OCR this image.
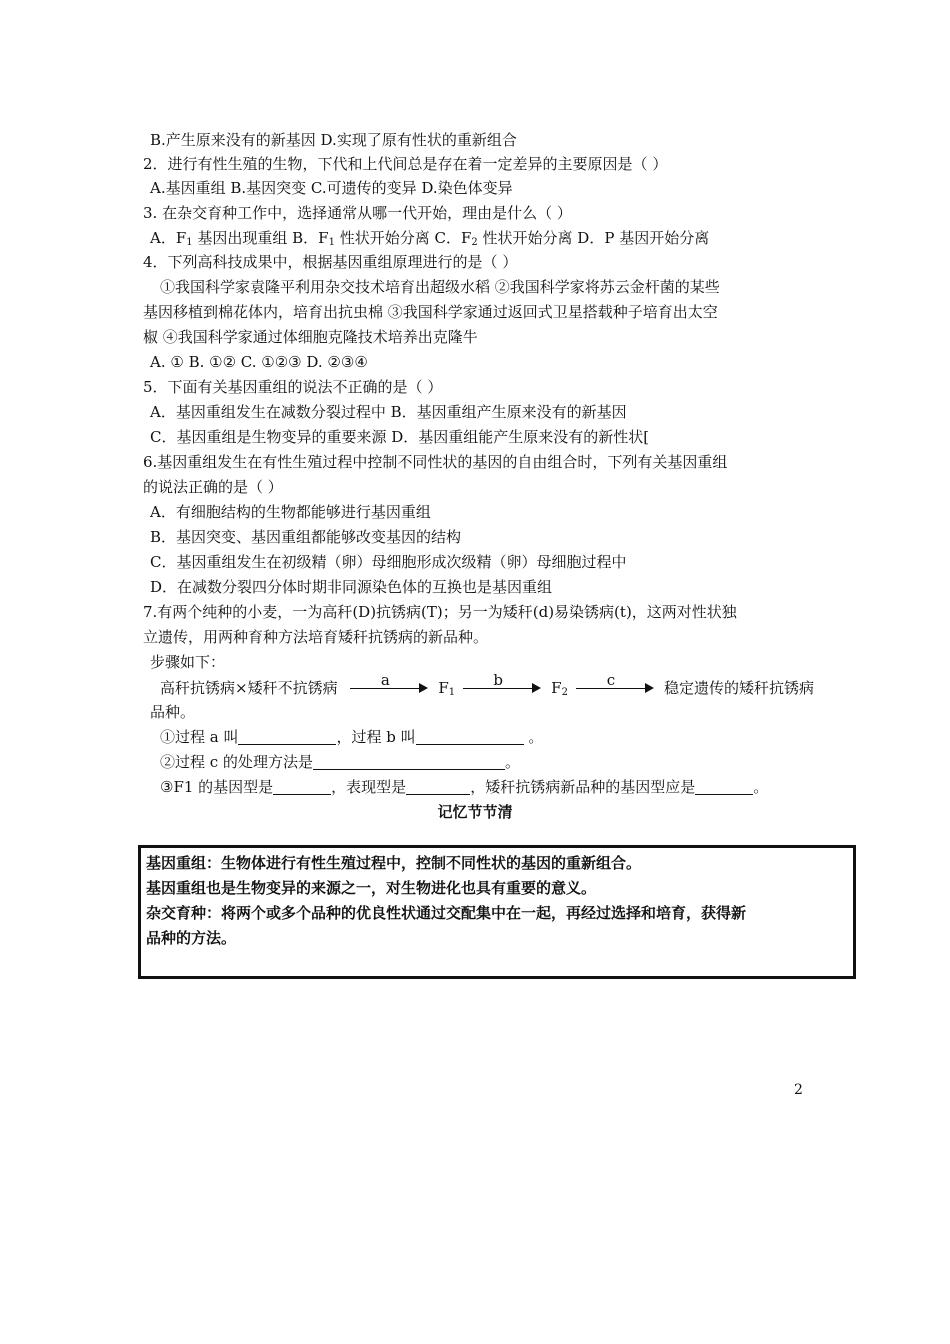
B.产生原来没有的新基因 D.实现了原有性状的重新组合
2．进行有性生殖的生物，下代和上代间总是存在着一定差异的主要原因是（ ）
A.基因重组 B.基因突变 C.可遗传的变异 D.染色体变异
3. 在杂交育种工作中，选择通常从哪一代开始，理由是什么（ ）
4．下列高科技成果中，根据基因重组原理进行的是（ ）
①我国科学家袁隆平利用杂交技术培育出超级水稻 ②我国科学家将苏云金杆菌的某些
基因移植到棉花体内，培育出抗虫棉 ③我国科学家通过返回式卫星搭载种子培育出太空
椒 ④我国科学家通过体细胞克隆技术培养出克隆牛
A. ① B. ①② C. ①②③ D. ②③④
5．下面有关基因重组的说法不正确的是（ ）
A．基因重组发生在减数分裂过程中 B．基因重组产生原来没有的新基因
C．基因重组是生物变异的重要来源 D．基因重组能产生原来没有的新性状[
6.基因重组发生在有性生殖过程中控制不同性状的基因的自由组合时，下列有关基因重组
的说法正确的是（ ）
A．有细胞结构的生物都能够进行基因重组
B．基因突变、基因重组都能够改变基因的结构
C．基因重组发生在初级精（卵）母细胞形成次级精（卵）母细胞过程中
D．在减数分裂四分体时期非同源染色体的互换也是基因重组
7.有两个纯种的小麦，一为高秆(D)抗锈病(T)；另一为矮秆(d)易染锈病(t)，这两对性状独
立遗传，用两种育种方法培育矮秆抗锈病的新品种。
步骤如下：
品种。
A．$F_1$ 基因出现重组 B．$F_1$ 性状开始分离 C．$F_2$ 性状开始分离 D．P 基因开始分离
高秆抗锈病×矮秆不抗锈病	a	$F_1$
b	$F_2$
c	稳定遗传的矮秆抗锈病
①过程 a 叫	，过程 b 叫	。
②过程 c 的处理方法是	。
③F1 的基因型是	，表现型是	，矮秆抗锈病新品种的基因型应是	。
记忆节节清
基因重组：生物体进行有性生殖过程中，控制不同性状的基因的重新组合。
基因重组也是生物变异的来源之一，对生物进化也具有重要的意义。
杂交育种：将两个或多个品种的优良性状通过交配集中在一起，再经过选择和培育，获得新
品种的方法。
2
